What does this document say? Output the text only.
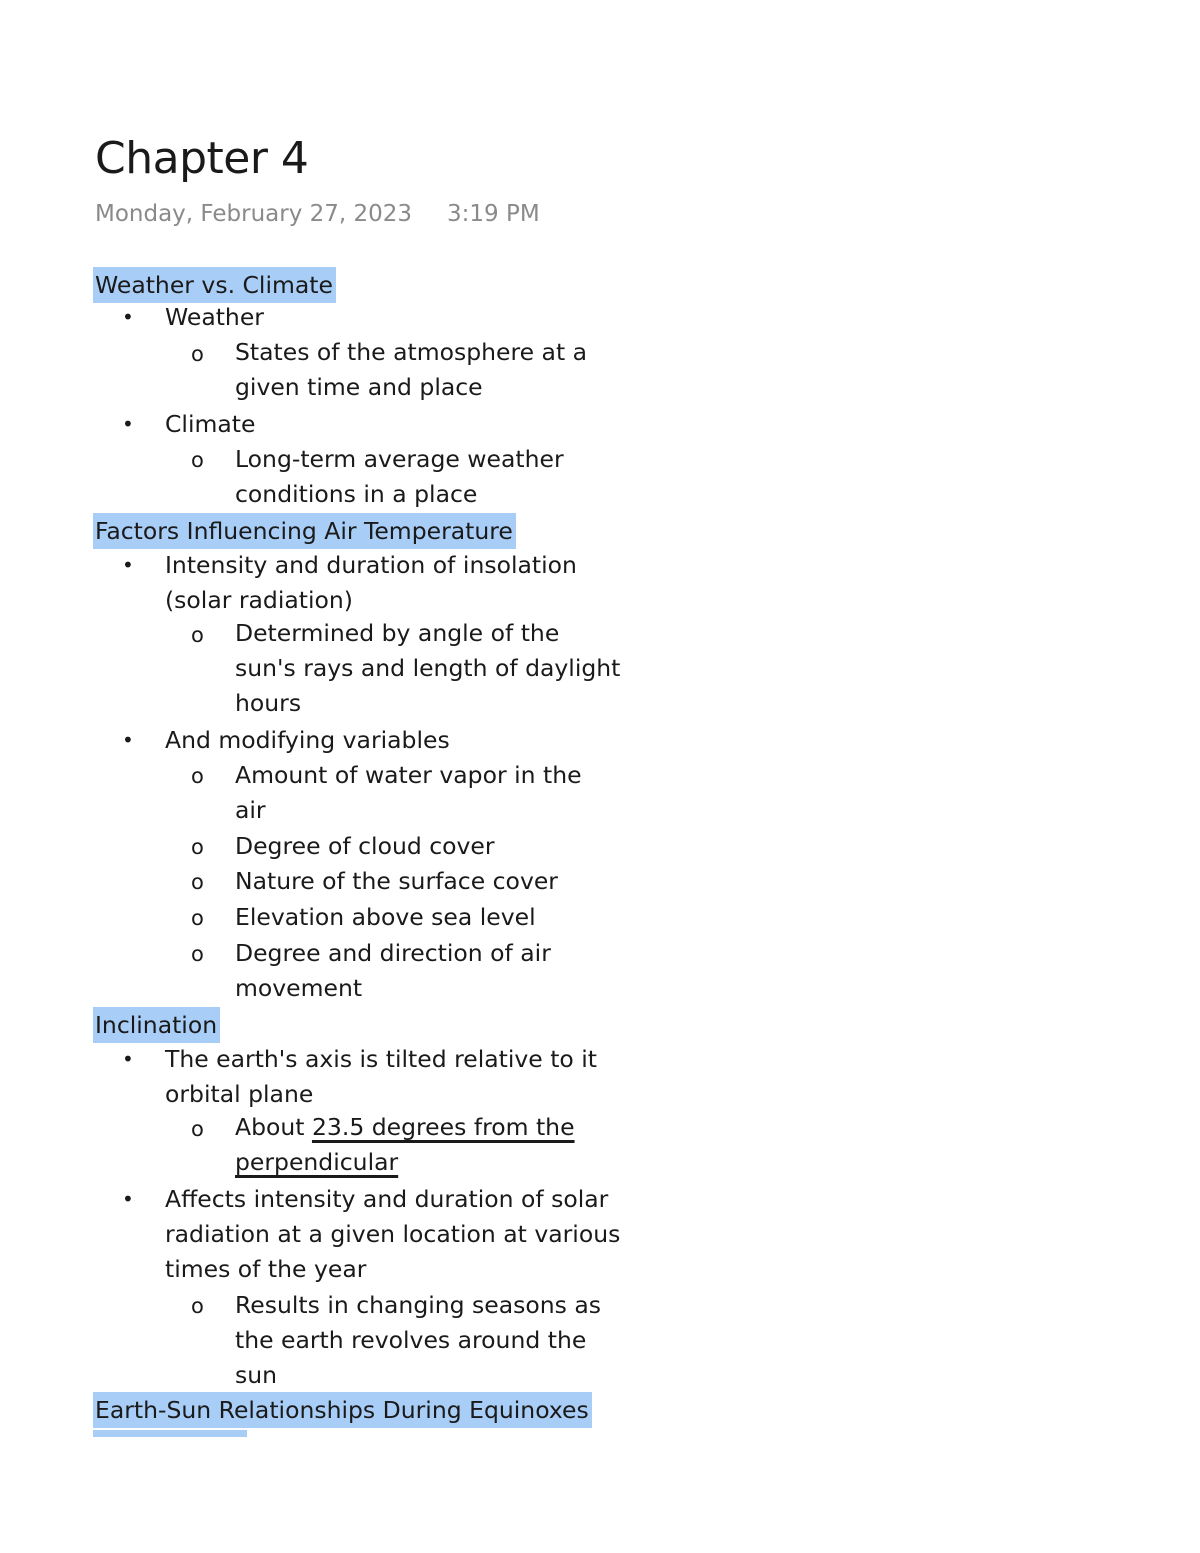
Chapter 4
Monday, February 27, 2023 3:19 PM
Weather vs. Climate
• Weather
o States of the atmosphere at a
given time and place
• Climate
o Long-term average weather
conditions in a place
Factors Influencing Air Temperature
• Intensity and duration of insolation
(solar radiation)
o Determined by angle of the
sun's rays and length of daylight
hours
• And modifying variables
o Amount of water vapor in the
air
o Degree of cloud cover
o Nature of the surface cover
o Elevation above sea level
o Degree and direction of air
movement
Inclination
• The earth's axis is tilted relative to it
orbital plane
o About 23.5 degrees from the
perpendicular
• Affects intensity and duration of solar
radiation at a given location at various
times of the year
o Results in changing seasons as
the earth revolves around the
sun
Earth-Sun Relationships During Equinoxes
